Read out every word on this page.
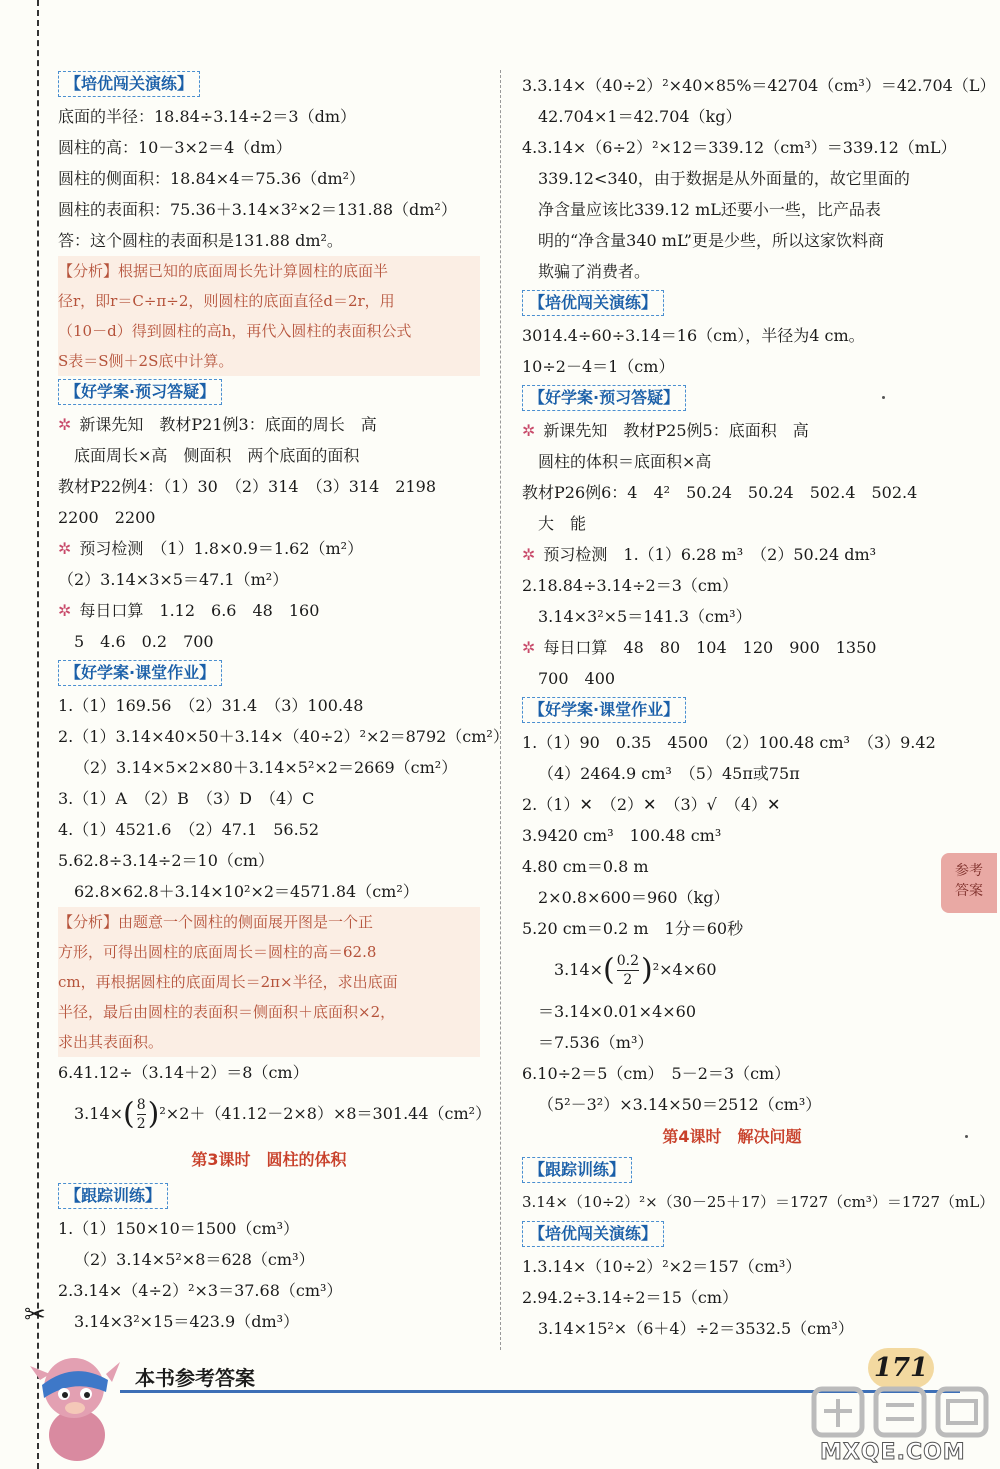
【培优闯关演练】
底面的半径：18.84÷3.14÷2＝3（dm）
圆柱的高：10－3×2＝4（dm）
圆柱的侧面积：18.84×4＝75.36（dm²）
圆柱的表面积：75.36＋3.14×3²×2＝131.88（dm²）
答：这个圆柱的表面积是131.88 dm²。
【分析】根据已知的底面周长先计算圆柱的底面半
径r，即r＝C÷π÷2，则圆柱的底面直径d＝2r，用
（10－d）得到圆柱的高h，再代入圆柱的表面积公式
S表＝S侧＋2S底中计算。
【好学案·预习答疑】
✲ 新课先知　教材P21例3：底面的周长　高
底面周长×高　侧面积　两个底面的面积
教材P22例4：（1）30　（2）314　（3）314　2198
2200　2200
✲ 预习检测　（1）1.8×0.9＝1.62（m²）
（2）3.14×3×5＝47.1（m²）
✲ 每日口算　1.12　6.6　48　160
5　4.6　0.2　700
【好学案·课堂作业】
1.（1）169.56　（2）31.4　（3）100.48
2.（1）3.14×40×50＋3.14×（40÷2）²×2＝8792（cm²）
（2）3.14×5×2×80＋3.14×5²×2＝2669（cm²）
3.（1）A　（2）B　（3）D　（4）C
4.（1）4521.6　（2）47.1　56.52
5.62.8÷3.14÷2＝10（cm）
62.8×62.8＋3.14×10²×2＝4571.84（cm²）
【分析】由题意一个圆柱的侧面展开图是一个正
方形，可得出圆柱的底面周长＝圆柱的高＝62.8
cm，再根据圆柱的底面周长＝2π×半径，求出底面
半径，最后由圆柱的表面积＝侧面积＋底面积×2，
求出其表面积。
6.41.12÷（3.14＋2）＝8（cm）
$3.14\times( \frac{8}{2} )^2\times 2+(41.12-2\times 8)\times 8=301.44(cm^2)$
第3课时　圆柱的体积
【跟踪训练】
1.（1）150×10＝1500（cm³）
（2）3.14×5²×8＝628（cm³）
2.3.14×（4÷2）²×3＝37.68（cm³）
3.14×3²×15＝423.9（dm³）
3.3.14×（40÷2）²×40×85%＝42704（cm³）＝42.704（L）
42.704×1＝42.704（kg）
4.3.14×（6÷2）²×12＝339.12（cm³）＝339.12（mL）
339.12<340，由于数据是从外面量的，故它里面的
净含量应该比339.12 mL还要小一些，比产品表
明的“净含量340 mL”更是少些，所以这家饮料商
欺骗了消费者。
【培优闯关演练】
3014.4÷60÷3.14＝16（cm），半径为4 cm。
10÷2－4＝1（cm）
【好学案·预习答疑】
✲ 新课先知　教材P25例5：底面积　高
圆柱的体积＝底面积×高
教材P26例6：4　4²　50.24　50.24　502.4　502.4
大　能
✲ 预习检测　1.（1）6.28 m³　（2）50.24 dm³
2.18.84÷3.14÷2＝3（cm）
3.14×3²×5＝141.3（cm³）
✲ 每日口算　48　80　104　120　900　1350
700　400
【好学案·课堂作业】
1.（1）90　0.35　4500　（2）100.48 cm³　（3）9.42
（4）2464.9 cm³　（5）45π或75π
2.（1）✕　（2）✕　（3）√　（4）✕
3.9420 cm³　100.48 cm³
4.80 cm＝0.8 m
2×0.8×600＝960（kg）
5.20 cm＝0.2 m　1分＝60秒
$3.14\times( \frac{0.2}{2} )^2\times 4\times 60$
＝3.14×0.01×4×60
＝7.536（m³）
6.10÷2＝5（cm）　5－2＝3（cm）
（5²－3²）×3.14×50＝2512（cm³）
第4课时　解决问题
【跟踪训练】
3.14×（10÷2）²×（30－25＋17）＝1727（cm³）＝1727（mL）
【培优闯关演练】
1.3.14×（10÷2）²×2＝157（cm³）
2.94.2÷3.14÷2＝15（cm）
3.14×15²×（6＋4）÷2＝3532.5（cm³）
参考
答案
✂
本书参考答案	171
MXQE.COM
